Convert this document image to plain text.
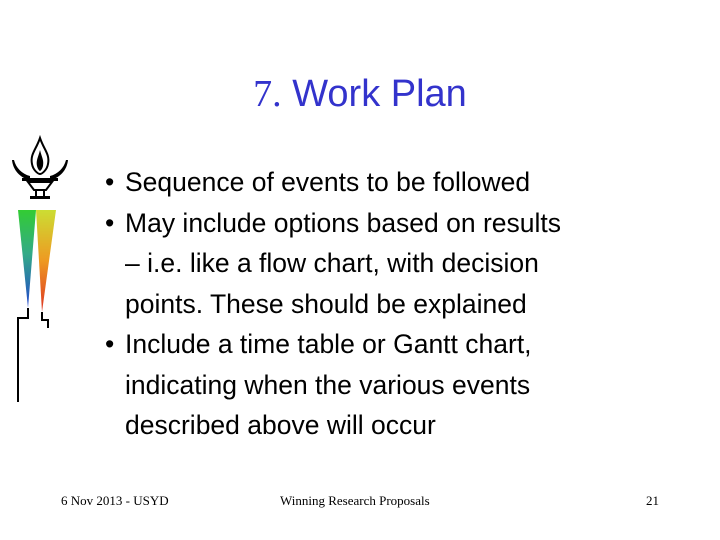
7. Work Plan
• Sequence of events to be followed
• May include options based on results
– i.e. like a flow chart, with decision
points. These should be explained
• Include a time table or Gantt chart,
indicating when the various events
described above will occur
6 Nov 2013 - USYD	Winning Research Proposals	21
